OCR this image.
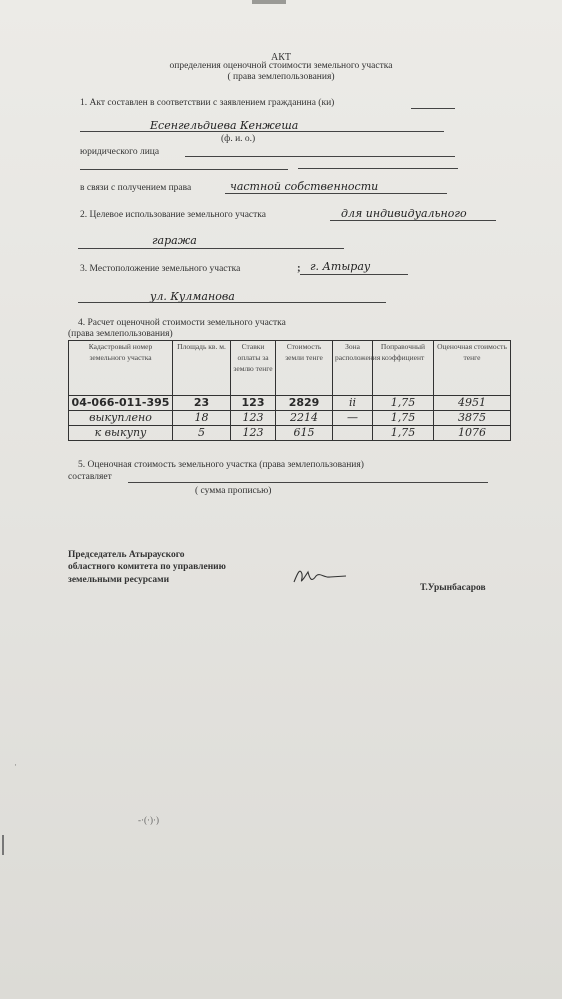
АКТ
определения оценочной стоимости земельного участка
( права землепользования)
1. Акт составлен в соответствии с заявлением гражданина (ки)
Есенгельдиева Кенжеша
(ф. и. о.)
юридического лица
в связи с получением права	частной собственности
2. Целевое использование земельного участка	для индивидуального
гаража
3. Местоположение земельного участка	; г. Атырау
ул. Кулманова
4. Расчет оценочной стоимости земельного участка
(права землепользования)
Кадастровый номер земельного участка	Площадь кв. м.	Ставки оплаты за землю тенге	Стоимость земли тенге	Зона расположения	Поправочный коэффициент	Оценочная стоимость тенге
04-066-011-395	23	123	2829	ii	1,75	4951
выкуплено	18	123	2214	—	1,75	3875
к выкупу	5	123	615		1,75	1076
5. Оценочная стоимость земельного участка (права землепользования)
составляет
( сумма прописью)
Председатель Атырауского
областного комитета по управлению
земельными ресурсами
Т.Урынбасаров
-·(·)·)
·
